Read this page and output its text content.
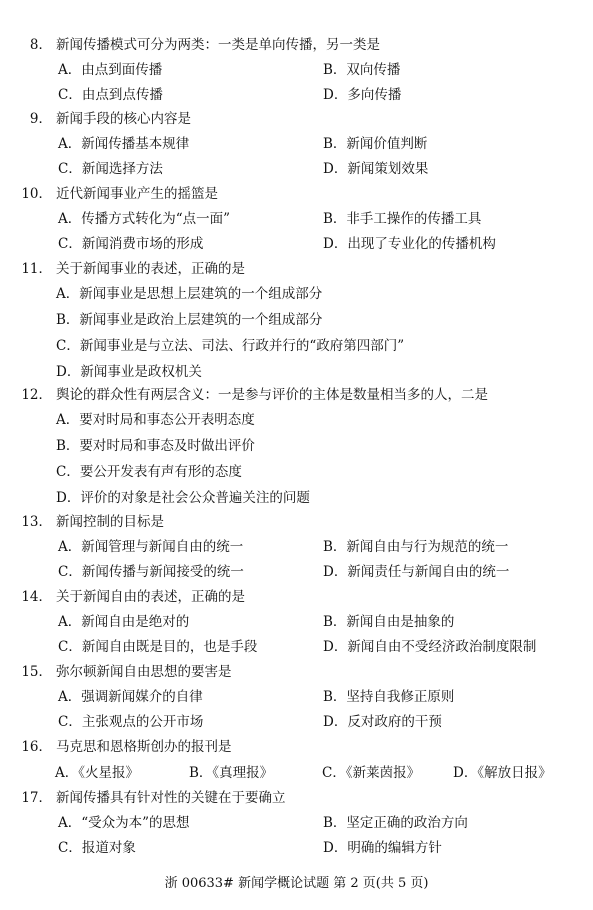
8． 新闻传播模式可分为两类：一类是单向传播，另一类是
A．由点到面传播	B．双向传播
C．由点到点传播	D．多向传播
9． 新闻手段的核心内容是
A．新闻传播基本规律	B．新闻价值判断
C．新闻选择方法	D．新闻策划效果
10． 近代新闻事业产生的摇篮是
A．传播方式转化为“点一面”	B．非手工操作的传播工具
C．新闻消费市场的形成	D．出现了专业化的传播机构
11． 关于新闻事业的表述，正确的是
A．新闻事业是思想上层建筑的一个组成部分
B．新闻事业是政治上层建筑的一个组成部分
C．新闻事业是与立法、司法、行政并行的“政府第四部门”
D．新闻事业是政权机关
12． 舆论的群众性有两层含义：一是参与评价的主体是数量相当多的人，二是
A．要对时局和事态公开表明态度
B．要对时局和事态及时做出评价
C．要公开发表有声有形的态度
D．评价的对象是社会公众普遍关注的问题
13． 新闻控制的目标是
A．新闻管理与新闻自由的统一	B．新闻自由与行为规范的统一
C．新闻传播与新闻接受的统一	D．新闻责任与新闻自由的统一
14． 关于新闻自由的表述，正确的是
A．新闻自由是绝对的	B．新闻自由是抽象的
C．新闻自由既是目的，也是手段	D．新闻自由不受经济政治制度限制
15． 弥尔顿新闻自由思想的要害是
A．强调新闻媒介的自律	B．坚持自我修正原则
C．主张观点的公开市场	D．反对政府的干预
16． 马克思和恩格斯创办的报刊是
A．《火星报》	B．《真理报》	C．《新莱茵报》 D．《解放日报》
17． 新闻传播具有针对性的关键在于要确立
A．“受众为本”的思想	B．坚定正确的政治方向
C．报道对象	D．明确的编辑方针
浙 00633# 新闻学概论试题 第 2 页(共 5 页)
